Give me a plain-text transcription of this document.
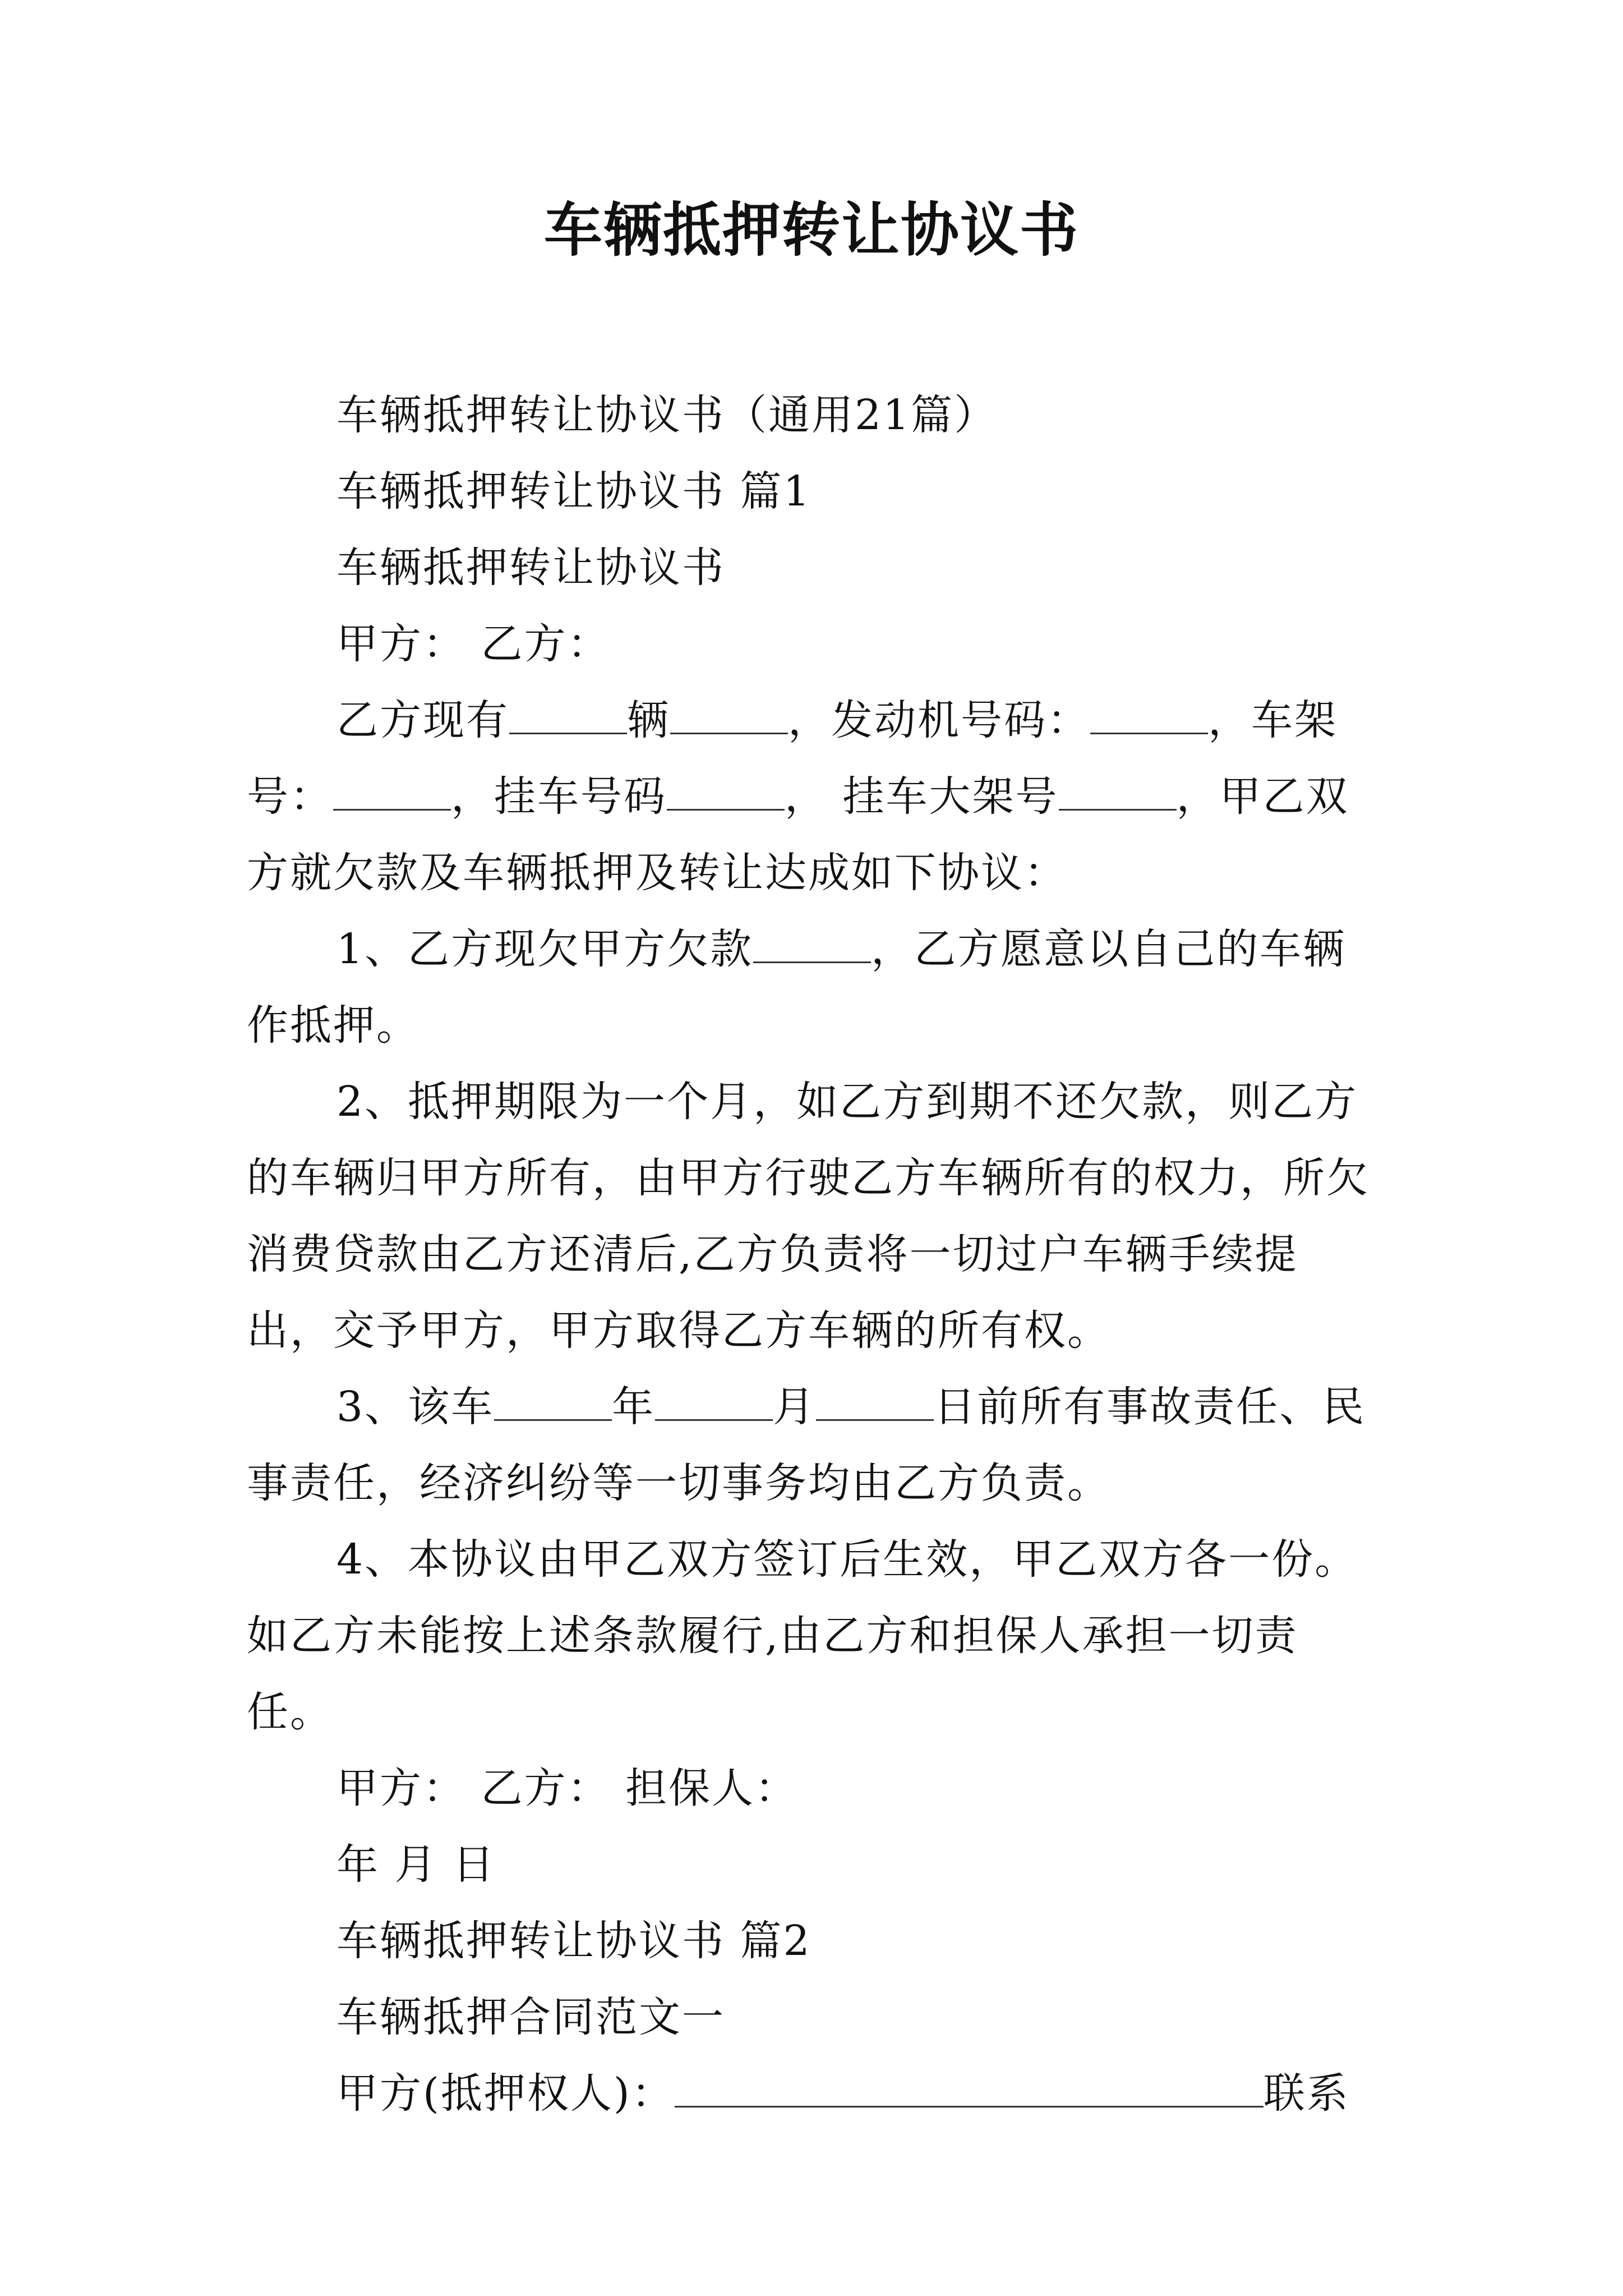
车辆抵押转让协议书

车辆抵押转让协议书（通用21篇）

车辆抵押转让协议书 篇1

车辆抵押转让协议书

甲方： 乙方：

乙方现有	辆	，发动机号码：	，车架号：	，挂车号码	， 挂车大架号	，甲乙双方就欠款及车辆抵押及转让达成如下协议：

1、乙方现欠甲方欠款	，乙方愿意以自己的车辆作抵押。

2、抵押期限为一个月，如乙方到期不还欠款，则乙方的车辆归甲方所有，由甲方行驶乙方车辆所有的权力，所欠消费贷款由乙方还清后,乙方负责将一切过户车辆手续提出，交予甲方，甲方取得乙方车辆的所有权。

3、该车	年	月	日前所有事故责任、民事责任，经济纠纷等一切事务均由乙方负责。

4、本协议由甲乙双方签订后生效，甲乙双方各一份。如乙方未能按上述条款履行,由乙方和担保人承担一切责任。

甲方： 乙方： 担保人：

年 月 日

车辆抵押转让协议书 篇2

车辆抵押合同范文一

甲方(抵押权人)：	联系
